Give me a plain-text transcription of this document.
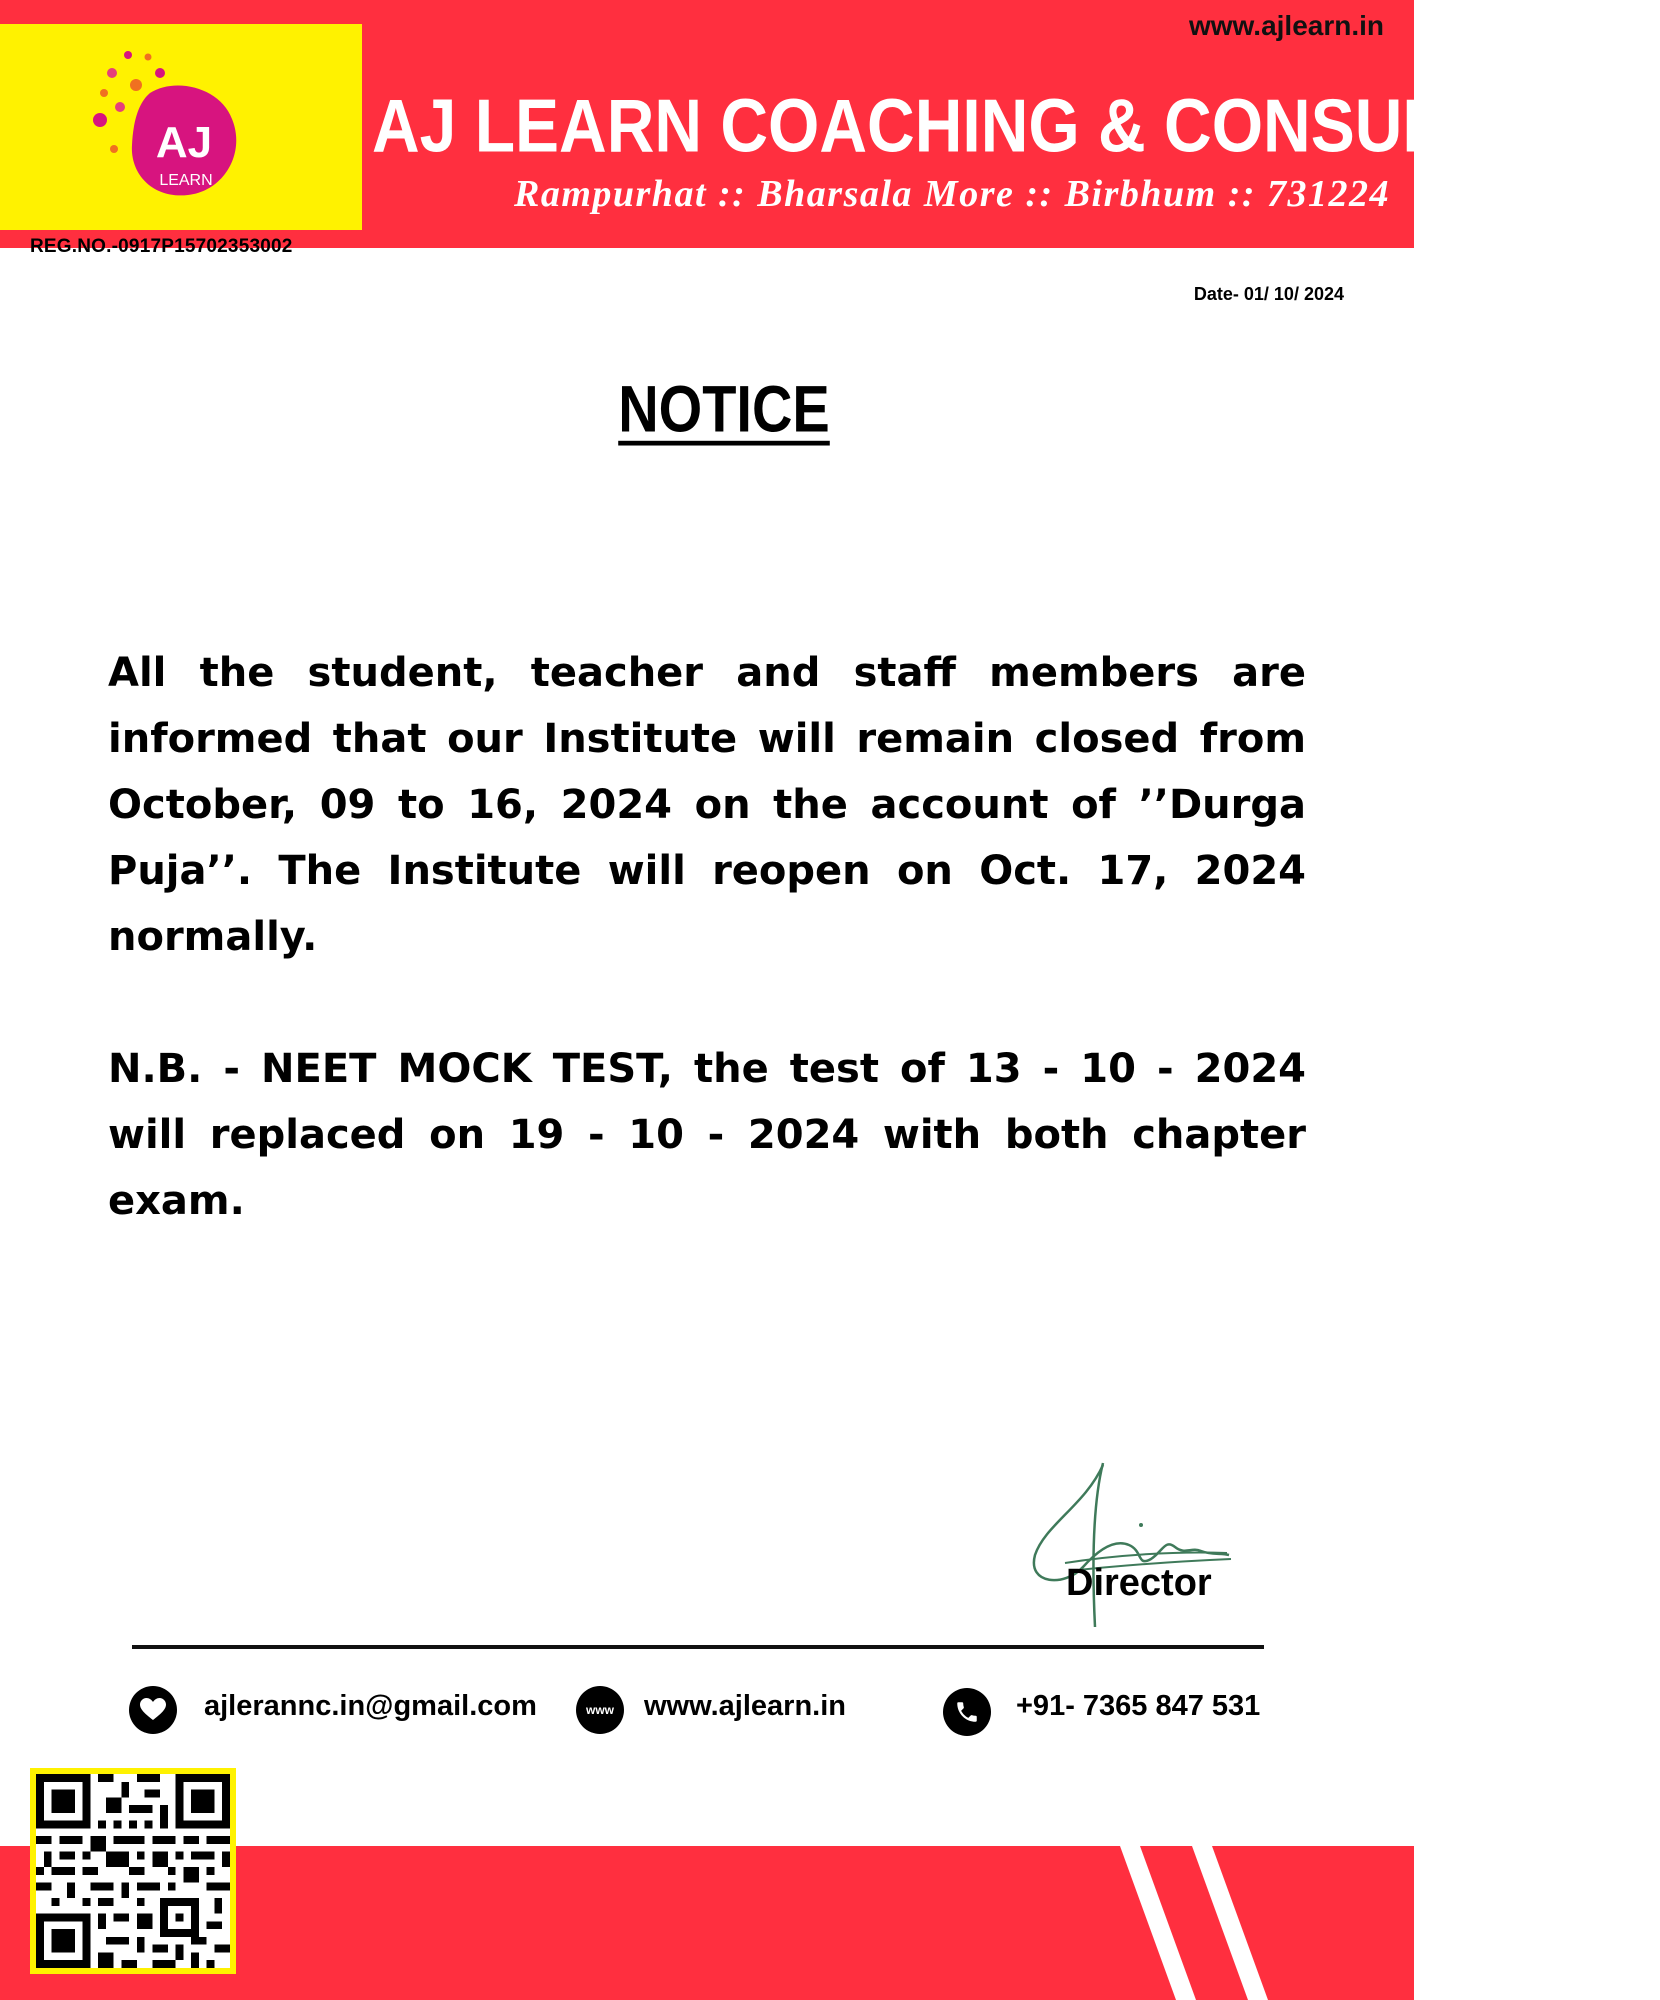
AJ
LEARN
REG.NO.-0917P15702353002
www.ajlearn.in
AJ LEARN COACHING & CONSULTANCY
Rampurhat :: Bharsala More :: Birbhum :: 731224
Date- 01/ 10/ 2024
NOTICE
All the student, teacher and staff members are informed that our Institute will remain closed from October, 09 to 16, 2024 on the account of ’’Durga Puja’’. The Institute will reopen on Oct. 17, 2024 normally.
N.B. - NEET MOCK TEST, the test of 13 - 10 - 2024 will replaced on 19 - 10 - 2024 with both chapter exam.
Director
ajlerannc.in@gmail.com	www www.ajlearn.in	+91- 7365 847 531
